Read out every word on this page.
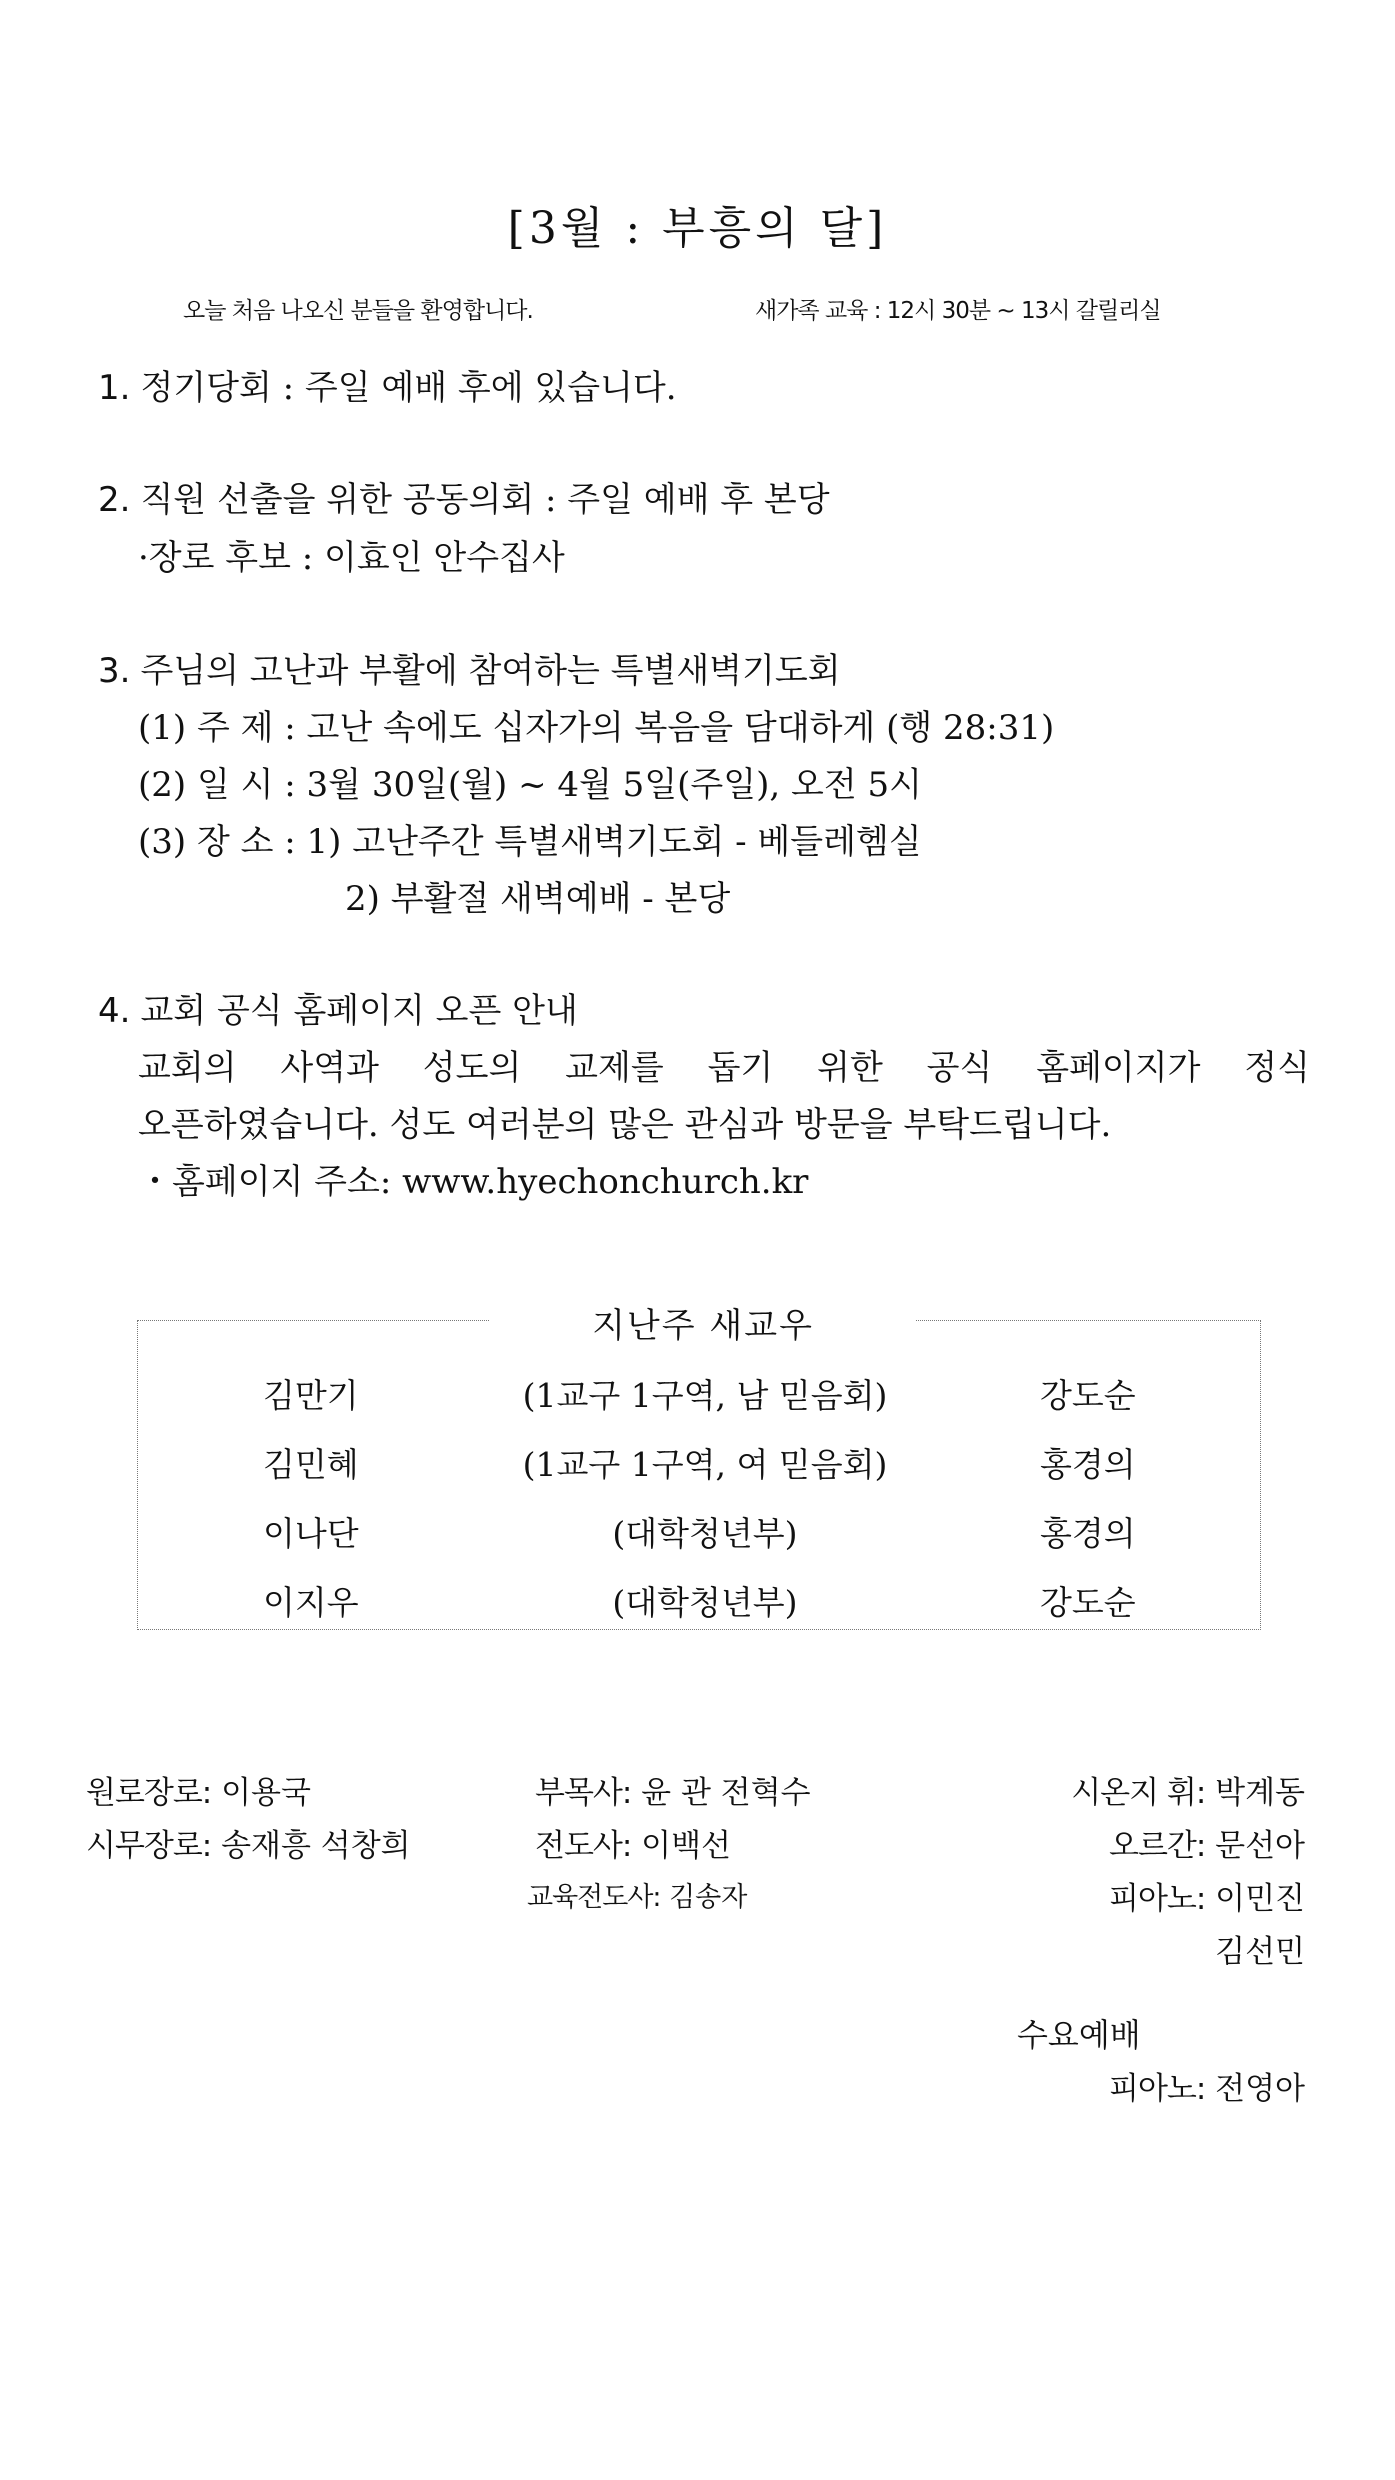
[3월 : 부흥의 달]
오늘 처음 나오신 분들을 환영합니다.	새가족 교육 : 12시 30분 ~ 13시 갈릴리실
1. 정기당회 : 주일 예배 후에 있습니다.
2. 직원 선출을 위한 공동의회 : 주일 예배 후 본당
·장로 후보 : 이효인 안수집사
3. 주님의 고난과 부활에 참여하는 특별새벽기도회
(1) 주 제 : 고난 속에도 십자가의 복음을 담대하게 (행 28:31)
(2) 일 시 : 3월 30일(월) ~ 4월 5일(주일), 오전 5시
(3) 장 소 : 1) 고난주간 특별새벽기도회 - 베들레헴실
2) 부활절 새벽예배 - 본당
4. 교회 공식 홈페이지 오픈 안내
교회의 사역과 성도의 교제를 돕기 위한 공식 홈페이지가 정식
오픈하였습니다. 성도 여러분의 많은 관심과 방문을 부탁드립니다.
・홈페이지 주소: www.hyechonchurch.kr
지난주 새교우
김만기	(1교구 1구역, 남 믿음회)	강도순
김민혜	(1교구 1구역, 여 믿음회)	홍경의
이나단	(대학청년부)	홍경의
이지우	(대학청년부)	강도순
원로장로: 이용국
시무장로: 송재흥 석창희
부목사: 윤 관 전혁수
전도사: 이백선
교육전도사: 김송자
시온지 휘: 박계동
오르간: 문선아
피아노: 이민진
김선민
수요예배
피아노: 전영아
